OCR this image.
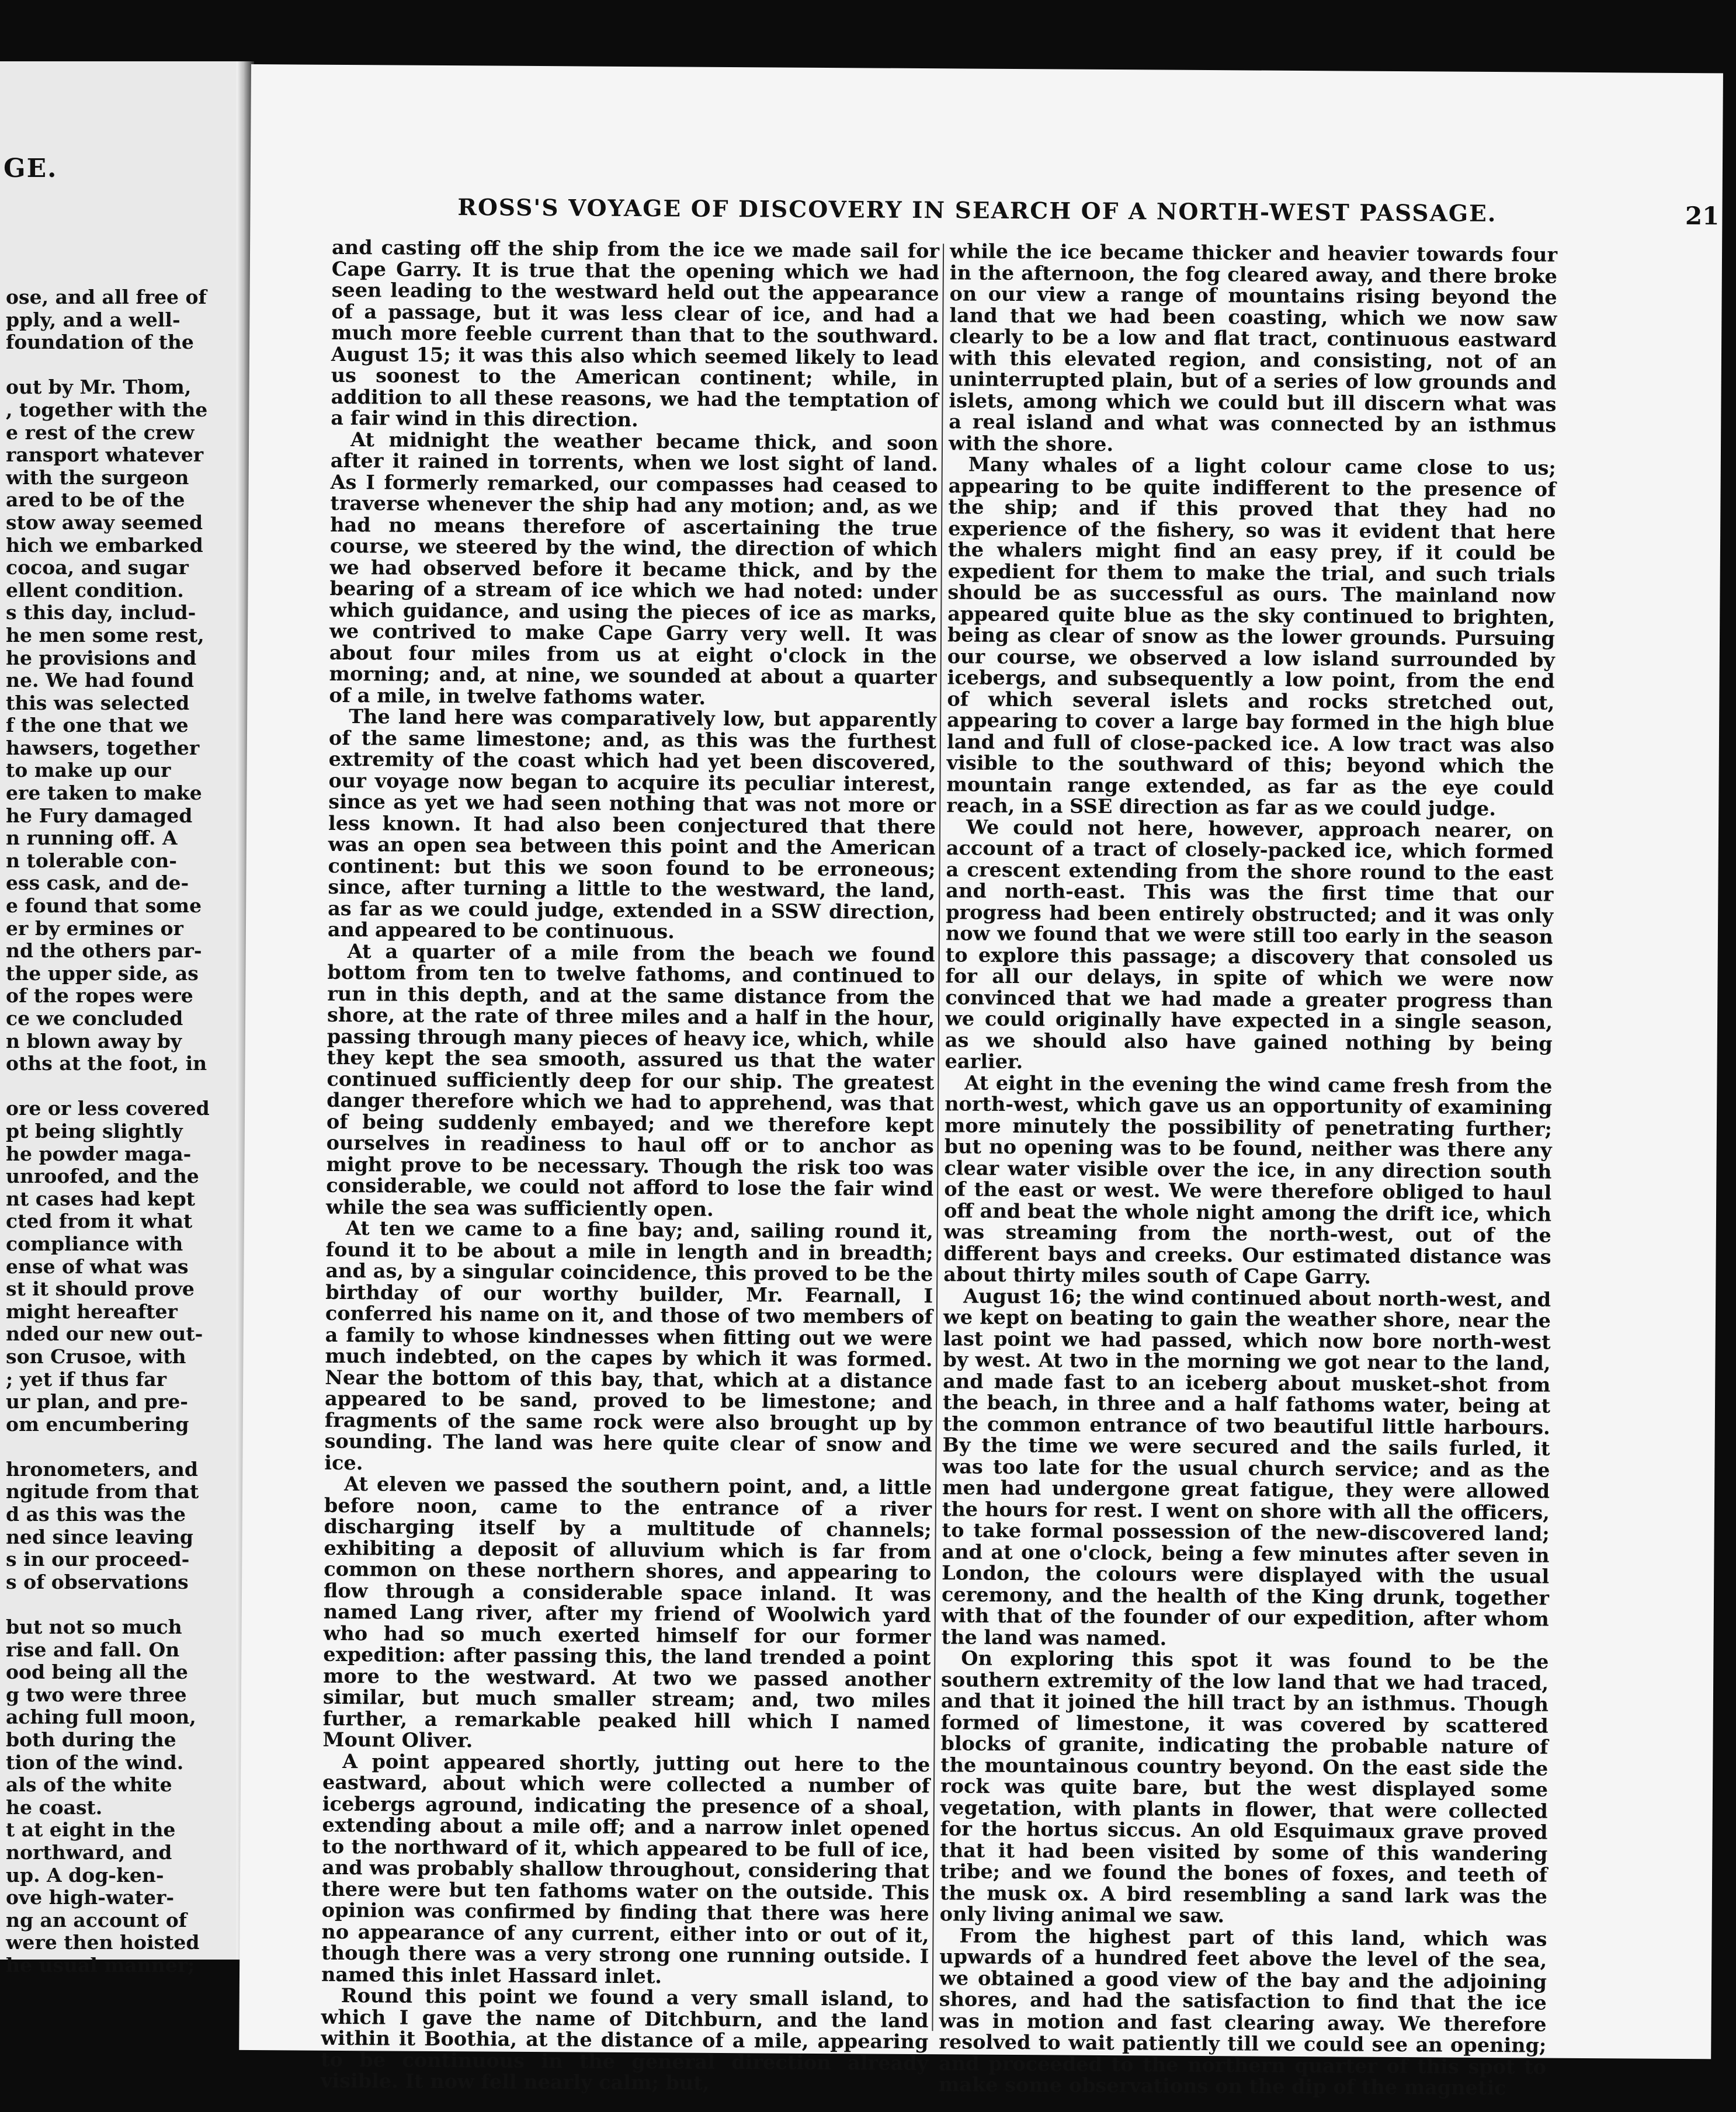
GE.
ose, and all free of
pply, and a well-
foundation of the
out by Mr. Thom,
, together with the
e rest of the crew
ransport whatever
with the surgeon
ared to be of the
stow away seemed
hich we embarked
cocoa, and sugar
ellent condition.
s this day, includ-
he men some rest,
he provisions and
ne. We had found
this was selected
f the one that we
hawsers, together
to make up our
ere taken to make
he Fury damaged
n running off. A
n tolerable con-
ess cask, and de-
e found that some
er by ermines or
nd the others par-
the upper side, as
of the ropes were
ce we concluded
n blown away by
oths at the foot, in
ore or less covered
pt being slightly
he powder maga-
unroofed, and the
nt cases had kept
cted from it what
compliance with
ense of what was
st it should prove
might hereafter
nded our new out-
son Crusoe, with
; yet if thus far
ur plan, and pre-
om encumbering
hronometers, and
ngitude from that
d as this was the
ned since leaving
s in our proceed-
s of observations
but not so much
rise and fall. On
ood being all the
g two were three
aching full moon,
both during the
tion of the wind.
als of the white
he coast.
t at eight in the
northward, and
up. A dog-ken-
ove high-water-
ng an account of
were then hoisted
he usual manner;
ROSS'S VOYAGE OF DISCOVERY IN SEARCH OF A NORTH-WEST PASSAGE.	21

and casting off the ship from the ice we made sail for Cape Garry. It is true that the opening which we had seen leading to the westward held out the appearance of a passage, but it was less clear of ice, and had a much more feeble current than that to the southward. August 15; it was this also which seemed likely to lead us soonest to the American continent; while, in addition to all these reasons, we had the temptation of a fair wind in this direction.

At midnight the weather became thick, and soon after it rained in torrents, when we lost sight of land. As I formerly remarked, our compasses had ceased to traverse whenever the ship had any motion; and, as we had no means therefore of ascertaining the true course, we steered by the wind, the direction of which we had observed before it became thick, and by the bearing of a stream of ice which we had noted: under which guidance, and using the pieces of ice as marks, we contrived to make Cape Garry very well. It was about four miles from us at eight o'clock in the morning; and, at nine, we sounded at about a quarter of a mile, in twelve fathoms water.

The land here was comparatively low, but apparently of the same limestone; and, as this was the furthest extremity of the coast which had yet been discovered, our voyage now began to acquire its peculiar interest, since as yet we had seen nothing that was not more or less known. It had also been conjectured that there was an open sea between this point and the American continent: but this we soon found to be erroneous; since, after turning a little to the westward, the land, as far as we could judge, extended in a SSW direction, and appeared to be continuous.

At a quarter of a mile from the beach we found bottom from ten to twelve fathoms, and continued to run in this depth, and at the same distance from the shore, at the rate of three miles and a half in the hour, passing through many pieces of heavy ice, which, while they kept the sea smooth, assured us that the water continued sufficiently deep for our ship. The greatest danger therefore which we had to apprehend, was that of being suddenly embayed; and we therefore kept ourselves in readiness to haul off or to anchor as might prove to be necessary. Though the risk too was considerable, we could not afford to lose the fair wind while the sea was sufficiently open.

At ten we came to a fine bay; and, sailing round it, found it to be about a mile in length and in breadth; and as, by a singular coincidence, this proved to be the birthday of our worthy builder, Mr. Fearnall, I conferred his name on it, and those of two members of a family to whose kindnesses when fitting out we were much indebted, on the capes by which it was formed. Near the bottom of this bay, that, which at a distance appeared to be sand, proved to be limestone; and fragments of the same rock were also brought up by sounding. The land was here quite clear of snow and ice.

At eleven we passed the southern point, and, a little before noon, came to the entrance of a river discharging itself by a multitude of channels; exhibiting a deposit of alluvium which is far from common on these northern shores, and appearing to flow through a considerable space inland. It was named Lang river, after my friend of Woolwich yard who had so much exerted himself for our former expedition: after passing this, the land trended a point more to the westward. At two we passed another similar, but much smaller stream; and, two miles further, a remarkable peaked hill which I named Mount Oliver.

A point appeared shortly, jutting out here to the eastward, about which were collected a number of icebergs aground, indicating the presence of a shoal, extending about a mile off; and a narrow inlet opened to the northward of it, which appeared to be full of ice, and was probably shallow throughout, considering that there were but ten fathoms water on the outside. This opinion was confirmed by finding that there was here no appearance of any current, either into or out of it, though there was a very strong one running outside. I named this inlet Hassard inlet.

Round this point we found a very small island, to which I gave the name of Ditchburn, and the land within it Boothia, at the distance of a mile, appearing to be continuous in the general direction already visible. It now fell nearly calm; but,

while the ice became thicker and heavier towards four in the afternoon, the fog cleared away, and there broke on our view a range of mountains rising beyond the land that we had been coasting, which we now saw clearly to be a low and flat tract, continuous eastward with this elevated region, and consisting, not of an uninterrupted plain, but of a series of low grounds and islets, among which we could but ill discern what was a real island and what was connected by an isthmus with the shore.

Many whales of a light colour came close to us; appearing to be quite indifferent to the presence of the ship; and if this proved that they had no experience of the fishery, so was it evident that here the whalers might find an easy prey, if it could be expedient for them to make the trial, and such trials should be as successful as ours. The mainland now appeared quite blue as the sky continued to brighten, being as clear of snow as the lower grounds. Pursuing our course, we observed a low island surrounded by icebergs, and subsequently a low point, from the end of which several islets and rocks stretched out, appearing to cover a large bay formed in the high blue land and full of close-packed ice. A low tract was also visible to the southward of this; beyond which the mountain range extended, as far as the eye could reach, in a SSE direction as far as we could judge.

We could not here, however, approach nearer, on account of a tract of closely-packed ice, which formed a crescent extending from the shore round to the east and north-east. This was the first time that our progress had been entirely obstructed; and it was only now we found that we were still too early in the season to explore this passage; a discovery that consoled us for all our delays, in spite of which we were now convinced that we had made a greater progress than we could originally have expected in a single season, as we should also have gained nothing by being earlier.

At eight in the evening the wind came fresh from the north-west, which gave us an opportunity of examining more minutely the possibility of penetrating further; but no opening was to be found, neither was there any clear water visible over the ice, in any direction south of the east or west. We were therefore obliged to haul off and beat the whole night among the drift ice, which was streaming from the north-west, out of the different bays and creeks. Our estimated distance was about thirty miles south of Cape Garry.

August 16; the wind continued about north-west, and we kept on beating to gain the weather shore, near the last point we had passed, which now bore north-west by west. At two in the morning we got near to the land, and made fast to an iceberg about musket-shot from the beach, in three and a half fathoms water, being at the common entrance of two beautiful little harbours. By the time we were secured and the sails furled, it was too late for the usual church service; and as the men had undergone great fatigue, they were allowed the hours for rest. I went on shore with all the officers, to take formal possession of the new-discovered land; and at one o'clock, being a few minutes after seven in London, the colours were displayed with the usual ceremony, and the health of the King drunk, together with that of the founder of our expedition, after whom the land was named.

On exploring this spot it was found to be the southern extremity of the low land that we had traced, and that it joined the hill tract by an isthmus. Though formed of limestone, it was covered by scattered blocks of granite, indicating the probable nature of the mountainous country beyond. On the east side the rock was quite bare, but the west displayed some vegetation, with plants in flower, that were collected for the hortus siccus. An old Esquimaux grave proved that it had been visited by some of this wandering tribe; and we found the bones of foxes, and teeth of the musk ox. A bird resembling a sand lark was the only living animal we saw.

From the highest part of this land, which was upwards of a hundred feet above the level of the sea, we obtained a good view of the bay and the adjoining shores, and had the satisfaction to find that the ice was in motion and fast clearing away. We therefore resolved to wait patiently till we could see an opening; and proceeded to the northern quarter of this spot to make some observations on the dip of the magnetic
